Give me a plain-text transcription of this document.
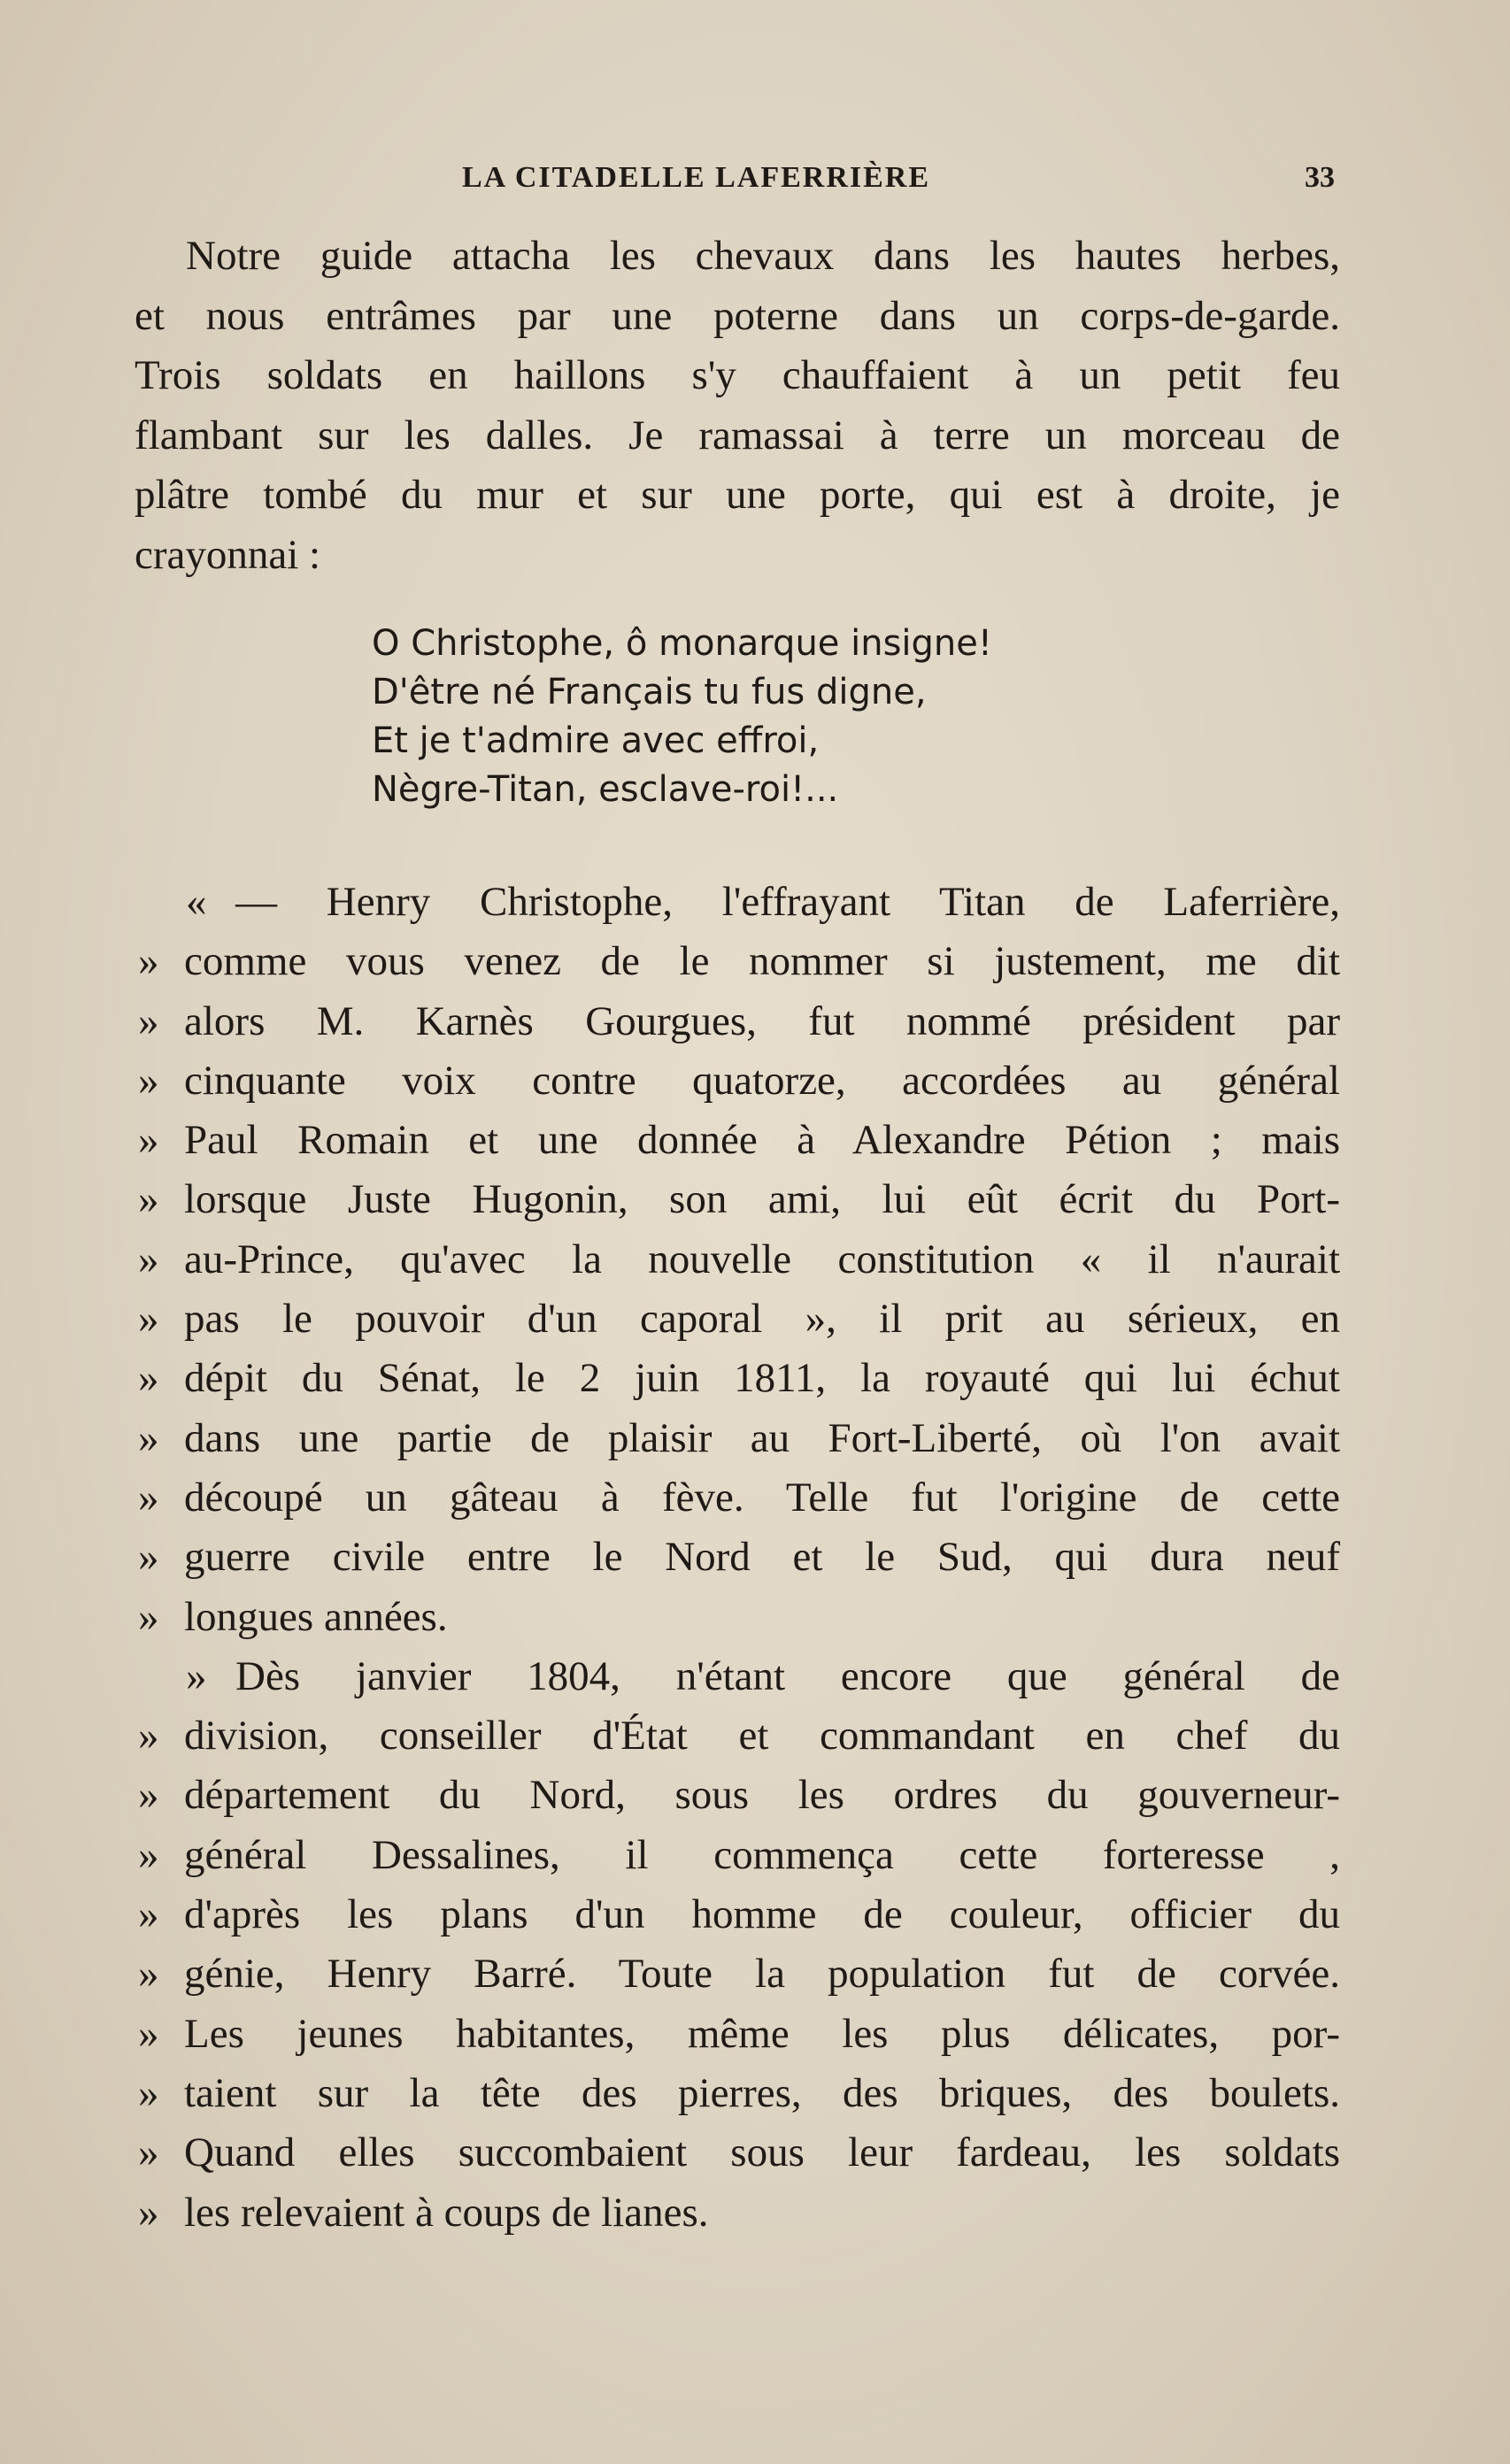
LA CITADELLE LAFERRIÈRE	33
Notre guide attacha les chevaux dans les hautes herbes,
et nous entrâmes par une poterne dans un corps-de-garde.
Trois soldats en haillons s'y chauffaient à un petit feu
flambant sur les dalles. Je ramassai à terre un morceau de
plâtre tombé du mur et sur une porte, qui est à droite, je
crayonnai :
O Christophe, ô monarque insigne!
D'être né Français tu fus digne,
Et je t'admire avec effroi,
Nègre-Titan, esclave-roi!...
« — Henry Christophe, l'effrayant Titan de Laferrière,
» comme vous venez de le nommer si justement, me dit
» alors M. Karnès Gourgues, fut nommé président par
» cinquante voix contre quatorze, accordées au général
» Paul Romain et une donnée à Alexandre Pétion ; mais
» lorsque Juste Hugonin, son ami, lui eût écrit du Port-
» au-Prince, qu'avec la nouvelle constitution « il n'aurait
» pas le pouvoir d'un caporal », il prit au sérieux, en
» dépit du Sénat, le 2 juin 1811, la royauté qui lui échut
» dans une partie de plaisir au Fort-Liberté, où l'on avait
» découpé un gâteau à fève. Telle fut l'origine de cette
» guerre civile entre le Nord et le Sud, qui dura neuf
» longues années.
» Dès janvier 1804, n'étant encore que général de
» division, conseiller d'État et commandant en chef du
» département du Nord, sous les ordres du gouverneur-
» général Dessalines, il commença cette forteresse ,
» d'après les plans d'un homme de couleur, officier du
» génie, Henry Barré. Toute la population fut de corvée.
» Les jeunes habitantes, même les plus délicates, por-
» taient sur la tête des pierres, des briques, des boulets.
» Quand elles succombaient sous leur fardeau, les soldats
» les relevaient à coups de lianes.
